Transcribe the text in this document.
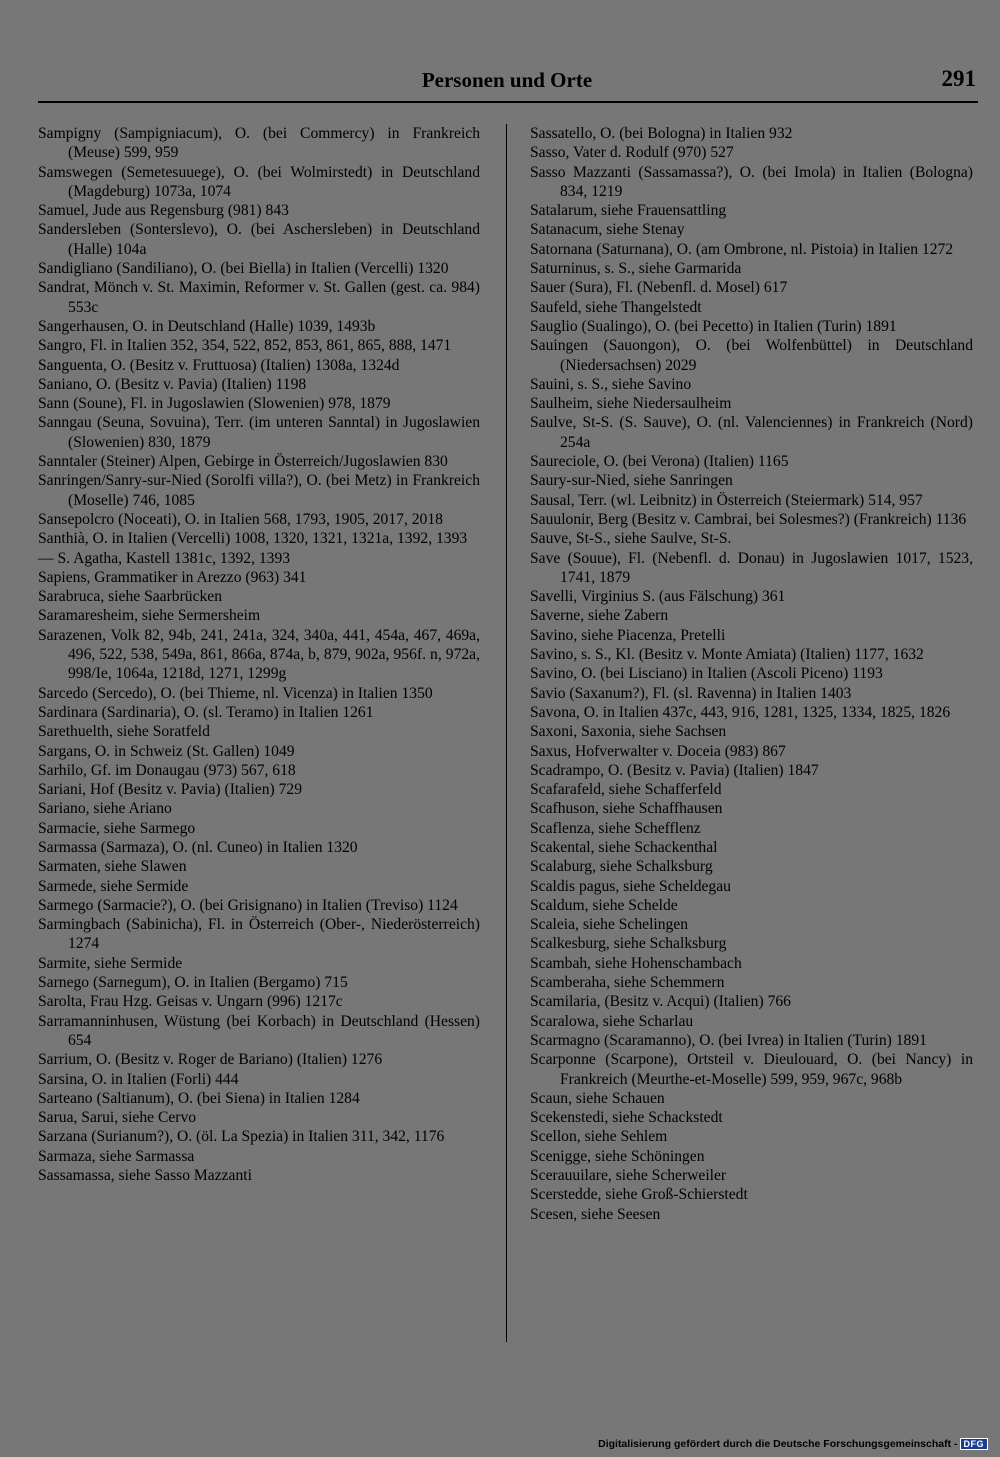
Personen und Orte	291
Sampigny (Sampigniacum), O. (bei Commercy) in Frankreich (Meuse) 599, 959
Samswegen (Semetesuuege), O. (bei Wolmirstedt) in Deutschland (Magdeburg) 1073a, 1074
Samuel, Jude aus Regensburg (981) 843
Sandersleben (Sonterslevo), O. (bei Aschersleben) in Deutschland (Halle) 104a
Sandigliano (Sandiliano), O. (bei Biella) in Italien (Vercelli) 1320
Sandrat, Mönch v. St. Maximin, Reformer v. St. Gallen (gest. ca. 984) 553c
Sangerhausen, O. in Deutschland (Halle) 1039, 1493b
Sangro, Fl. in Italien 352, 354, 522, 852, 853, 861, 865, 888, 1471
Sanguenta, O. (Besitz v. Fruttuosa) (Italien) 1308a, 1324d
Saniano, O. (Besitz v. Pavia) (Italien) 1198
Sann (Soune), Fl. in Jugoslawien (Slowenien) 978, 1879
Sanngau (Seuna, Sovuina), Terr. (im unteren Sanntal) in Jugoslawien (Slowenien) 830, 1879
Sanntaler (Steiner) Alpen, Gebirge in Österreich/Jugoslawien 830
Sanringen/Sanry-sur-Nied (Sorolfi villa?), O. (bei Metz) in Frankreich (Moselle) 746, 1085
Sansepolcro (Noceati), O. in Italien 568, 1793, 1905, 2017, 2018
Santhià, O. in Italien (Vercelli) 1008, 1320, 1321, 1321a, 1392, 1393
— S. Agatha, Kastell 1381c, 1392, 1393
Sapiens, Grammatiker in Arezzo (963) 341
Sarabruca, siehe Saarbrücken
Saramaresheim, siehe Sermersheim
Sarazenen, Volk 82, 94b, 241, 241a, 324, 340a, 441, 454a, 467, 469a, 496, 522, 538, 549a, 861, 866a, 874a, b, 879, 902a, 956f. n, 972a, 998/Ie, 1064a, 1218d, 1271, 1299g
Sarcedo (Sercedo), O. (bei Thieme, nl. Vicenza) in Italien 1350
Sardinara (Sardinaria), O. (sl. Teramo) in Italien 1261
Sarethuelth, siehe Soratfeld
Sargans, O. in Schweiz (St. Gallen) 1049
Sarhilo, Gf. im Donaugau (973) 567, 618
Sariani, Hof (Besitz v. Pavia) (Italien) 729
Sariano, siehe Ariano
Sarmacie, siehe Sarmego
Sarmassa (Sarmaza), O. (nl. Cuneo) in Italien 1320
Sarmaten, siehe Slawen
Sarmede, siehe Sermide
Sarmego (Sarmacie?), O. (bei Grisignano) in Italien (Treviso) 1124
Sarmingbach (Sabinicha), Fl. in Österreich (Ober-, Niederösterreich) 1274
Sarmite, siehe Sermide
Sarnego (Sarnegum), O. in Italien (Bergamo) 715
Sarolta, Frau Hzg. Geisas v. Ungarn (996) 1217c
Sarramanninhusen, Wüstung (bei Korbach) in Deutschland (Hessen) 654
Sarrium, O. (Besitz v. Roger de Bariano) (Italien) 1276
Sarsina, O. in Italien (Forli) 444
Sarteano (Saltianum), O. (bei Siena) in Italien 1284
Sarua, Sarui, siehe Cervo
Sarzana (Surianum?), O. (öl. La Spezia) in Italien 311, 342, 1176
Sarmaza, siehe Sarmassa
Sassamassa, siehe Sasso Mazzanti
Sassatello, O. (bei Bologna) in Italien 932
Sasso, Vater d. Rodulf (970) 527
Sasso Mazzanti (Sassamassa?), O. (bei Imola) in Italien (Bologna) 834, 1219
Satalarum, siehe Frauensattling
Satanacum, siehe Stenay
Satornana (Saturnana), O. (am Ombrone, nl. Pistoia) in Italien 1272
Saturninus, s. S., siehe Garmarida
Sauer (Sura), Fl. (Nebenfl. d. Mosel) 617
Saufeld, siehe Thangelstedt
Sauglio (Sualingo), O. (bei Pecetto) in Italien (Turin) 1891
Sauingen (Sauongon), O. (bei Wolfenbüttel) in Deutschland (Niedersachsen) 2029
Sauini, s. S., siehe Savino
Saulheim, siehe Niedersaulheim
Saulve, St-S. (S. Sauve), O. (nl. Valenciennes) in Frankreich (Nord) 254a
Saureciole, O. (bei Verona) (Italien) 1165
Saury-sur-Nied, siehe Sanringen
Sausal, Terr. (wl. Leibnitz) in Österreich (Steiermark) 514, 957
Sauulonir, Berg (Besitz v. Cambrai, bei Solesmes?) (Frankreich) 1136
Sauve, St-S., siehe Saulve, St-S.
Save (Souue), Fl. (Nebenfl. d. Donau) in Jugoslawien 1017, 1523, 1741, 1879
Savelli, Virginius S. (aus Fälschung) 361
Saverne, siehe Zabern
Savino, siehe Piacenza, Pretelli
Savino, s. S., Kl. (Besitz v. Monte Amiata) (Italien) 1177, 1632
Savino, O. (bei Lisciano) in Italien (Ascoli Piceno) 1193
Savio (Saxanum?), Fl. (sl. Ravenna) in Italien 1403
Savona, O. in Italien 437c, 443, 916, 1281, 1325, 1334, 1825, 1826
Saxoni, Saxonia, siehe Sachsen
Saxus, Hofverwalter v. Doceia (983) 867
Scadrampo, O. (Besitz v. Pavia) (Italien) 1847
Scafarafeld, siehe Schafferfeld
Scafhuson, siehe Schaffhausen
Scaflenza, siehe Schefflenz
Scakental, siehe Schackenthal
Scalaburg, siehe Schalksburg
Scaldis pagus, siehe Scheldegau
Scaldum, siehe Schelde
Scaleia, siehe Schelingen
Scalkesburg, siehe Schalksburg
Scambah, siehe Hohenschambach
Scamberaha, siehe Schemmern
Scamilaria, (Besitz v. Acqui) (Italien) 766
Scaralowa, siehe Scharlau
Scarmagno (Scaramanno), O. (bei Ivrea) in Italien (Turin) 1891
Scarponne (Scarpone), Ortsteil v. Dieulouard, O. (bei Nancy) in Frankreich (Meurthe-et-Moselle) 599, 959, 967c, 968b
Scaun, siehe Schauen
Scekenstedi, siehe Schackstedt
Scellon, siehe Sehlem
Scenigge, siehe Schöningen
Scerauuilare, siehe Scherweiler
Scerstedde, siehe Groß-Schierstedt
Scesen, siehe Seesen
Digitalisierung gefördert durch die Deutsche Forschungsgemeinschaft - DFG
